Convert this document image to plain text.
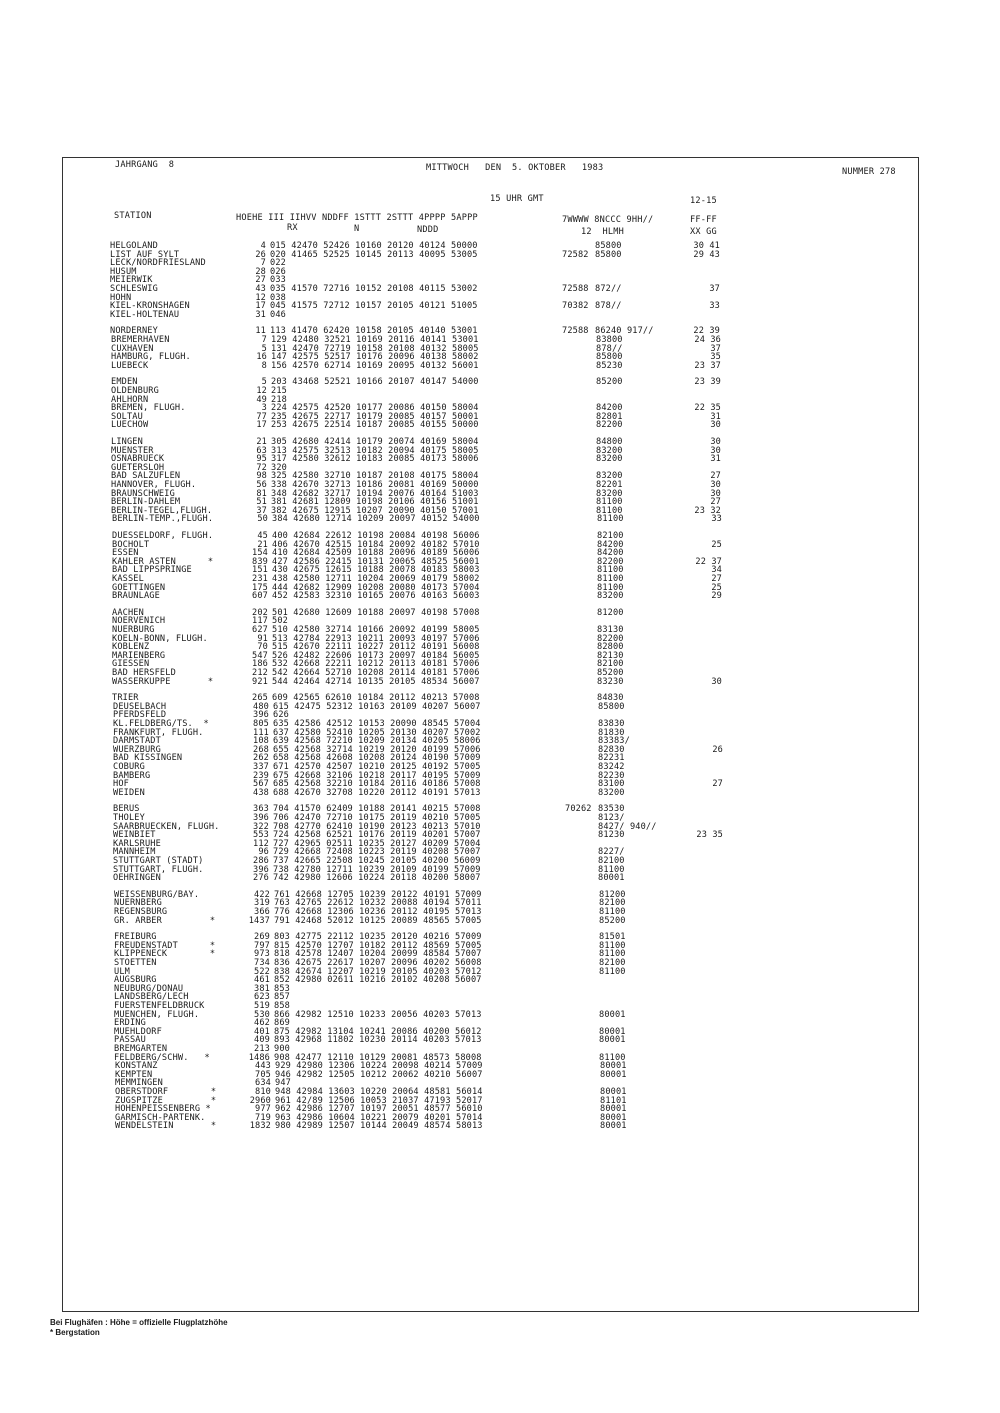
JAHRGANG  8	MITTWOCH   DEN  5. OKTOBER   1983	NUMMER 278
15 UHR GMT	12-15
STATION	HOEHE III IIHVV NDDFF 1STTT 2STTT 4PPPP 5APPP	7WWWW 8NCCC 9HH//	FF-FF
RX	N	NDDD	12  HLMH	XX GG
HELGOLAND	4 015 42470 52426 10160 20120 40124 50000	85800	30 41
LIST AUF SYLT	26 020 41465 52525 10145 20113 40095 53005	72582 85800	29 43
LECK/NORDFRIESLAND	7 022
HUSUM	28 026
MEIERWIK	27 033
SCHLESWIG	43 035 41570 72716 10152 20108 40115 53002	72588 872//	37
HOHN	12 038
KIEL-KRONSHAGEN	17 045 41575 72712 10157 20105 40121 51005	70382 878//	33
KIEL-HOLTENAU	31 046
NORDERNEY	11 113 41470 62420 10158 20105 40140 53001	72588 86240 917//	22 39
BREMERHAVEN	7 129 42480 32521 10169 20116 40141 53001	83800	24 36
CUXHAVEN	5 131 42470 72719 10158 20108 40132 58005	878//	37
HAMBURG, FLUGH.	16 147 42575 52517 10176 20096 40138 58002	85800	35
LUEBECK	8 156 42570 62714 10169 20095 40132 56001	85230	23 37
EMDEN	5 203 43468 52521 10166 20107 40147 54000	85200	23 39
OLDENBURG	12 215
AHLHORN	49 218
BREMEN, FLUGH.	3 224 42575 42520 10177 20086 40150 58004	84200	22 35
SOLTAU	77 235 42675 22717 10179 20085 40157 50001	82801	31
LUECHOW	17 253 42675 22514 10187 20085 40155 50000	82200	30
LINGEN	21 305 42680 42414 10179 20074 40169 58004	84800	30
MUENSTER	63 313 42575 32513 10182 20094 40175 58005	83200	30
OSNABRUECK	95 317 42580 32612 10183 20085 40173 58006	83200	31
GUETERSLOH	72 320
BAD SALZUFLEN	98 325 42580 32710 10187 20108 40175 58004	83200	27
HANNOVER, FLUGH.	56 338 42670 32713 10186 20081 40169 50000	82201	30
BRAUNSCHWEIG	81 348 42682 32717 10194 20076 40164 51003	83200	30
BERLIN-DAHLEM	51 381 42681 12809 10198 20106 40156 51001	81100	27
BERLIN-TEGEL,FLUGH.	37 382 42675 12915 10207 20090 40150 57001	81100	23 32
BERLIN-TEMP.,FLUGH.	50 384 42680 12714 10209 20097 40152 54000	81100	33
DUESSELDORF, FLUGH.	45 400 42684 22612 10198 20084 40198 56006	82100
BOCHOLT	21 406 42670 42515 10184 20092 40182 57010	84200	25
ESSEN	154 410 42684 42509 10188 20096 40189 56006	84200
KAHLER ASTEN      *	839 427 42586 22415 10131 20065 48525 56001	82200	22 37
BAD LIPPSPRINGE	151 430 42675 12615 10188 20078 40183 58003	81100	34
KASSEL	231 438 42580 12711 10204 20069 40179 58002	81100	27
GOETTINGEN	175 444 42682 12909 10208 20080 40173 57004	81100	25
BRAUNLAGE	607 452 42583 32310 10165 20076 40163 56003	83200	29
AACHEN	202 501 42680 12609 10188 20097 40198 57008	81200
NOERVENICH	117 502
NUERBURG	627 510 42580 32714 10166 20092 40199 58005	83130
KOELN-BONN, FLUGH.	91 513 42784 22913 10211 20093 40197 57006	82200
KOBLENZ	70 515 42670 22111 10227 20112 40191 56008	82800
MARIENBERG	547 526 42482 22606 10173 20097 40184 56005	82130
GIESSEN	186 532 42668 22211 10212 20113 40181 57006	82100
BAD HERSFELD	212 542 42664 52710 10208 20114 40181 57006	85200
WASSERKUPPE       *	921 544 42464 42714 10135 20105 48534 56007	83230	30
TRIER	265 609 42565 62610 10184 20112 40213 57008	84830
DEUSELBACH	480 615 42475 52312 10163 20109 40207 56007	85800
PFERDSFELD	396 626
KL.FELDBERG/TS.  *	805 635 42586 42512 10153 20090 48545 57004	83830
FRANKFURT, FLUGH.	111 637 42580 52410 10205 20130 40207 57002	81830
DARMSTADT	108 639 42568 72210 10209 20134 40205 58006	83383/
WUERZBURG	268 655 42568 32714 10219 20120 40199 57006	82830	26
BAD KISSINGEN	262 658 42568 42608 10208 20124 40190 57009	82231
COBURG	337 671 42570 42507 10210 20125 40192 57005	83242
BAMBERG	239 675 42668 32106 10218 20117 40195 57009	82230
HOF	567 685 42568 32210 10184 20116 40186 57008	83100	27
WEIDEN	438 688 42670 32708 10220 20112 40191 57013	83200
BERUS	363 704 41570 62409 10188 20141 40215 57008	70262 83530
THOLEY	396 706 42470 72710 10175 20119 40210 57005	8123/
SAARBRUECKEN, FLUGH.	322 708 42770 62410 10190 20123 40213 57010	8427/ 940//
WEINBIET	553 724 42568 62521 10176 20119 40201 57007	81230	23 35
KARLSRUHE	112 727 42965 02511 10235 20127 40209 57004
MANNHEIM	96 729 42668 72408 10223 20119 40208 57007	8227/
STUTTGART (STADT)	286 737 42665 22508 10245 20105 40200 56009	82100
STUTTGART, FLUGH.	396 738 42780 12711 10239 20109 40199 57009	81100
OEHRINGEN	276 742 42980 12606 10224 20118 40200 58007	80001
WEISSENBURG/BAY.	422 761 42668 12705 10239 20122 40191 57009	81200
NUERNBERG	319 763 42765 22612 10232 20088 40194 57011	82100
REGENSBURG	366 776 42668 12306 10236 20112 40195 57013	81100
GR. ARBER         *	1437 791 42468 52012 10125 20089 48565 57005	85200
FREIBURG	269 803 42775 22112 10235 20120 40216 57009	81501
FREUDENSTADT      *	797 815 42570 12707 10182 20112 48569 57005	81100
KLIPPENECK        *	973 818 42578 12407 10204 20099 48584 57007	81100
STOETTEN	734 836 42675 22617 10207 20096 40202 56008	82100
ULM	522 838 42674 12207 10219 20105 40203 57012	81100
AUGSBURG	461 852 42980 02611 10216 20102 40208 56007
NEUBURG/DONAU	381 853
LANDSBERG/LECH	623 857
FUERSTENFELDBRUCK	519 858
MUENCHEN, FLUGH.	530 866 42982 12510 10233 20056 40203 57013	80001
ERDING	462 869
MUEHLDORF	401 875 42982 13104 10241 20086 40200 56012	80001
PASSAU	409 893 42968 11802 10230 20114 40203 57013	80001
BREMGARTEN	213 900
FELDBERG/SCHW.   *	1486 908 42477 12110 10129 20081 48573 58008	81100
KONSTANZ	443 929 42980 12306 10224 20098 40214 57009	80001
KEMPTEN	705 946 42982 12505 10212 20062 40210 56007	80001
MEMMINGEN	634 947
OBERSTDORF        *	810 948 42984 13603 10220 20064 48581 56014	80001
ZUGSPITZE         *	2960 961 42/89 12506 10053 21037 47193 52017	81101
HOHENPEISSENBERG *	977 962 42986 12707 10197 20051 48577 56010	80001
GARMISCH-PARTENK.	719 963 42986 10604 10221 20079 40201 57014	80001
WENDELSTEIN       *	1832 980 42989 12507 10144 20049 48574 58013	80001
Bei Flughäfen : Höhe = offizielle Flugplatzhöhe
* Bergstation
